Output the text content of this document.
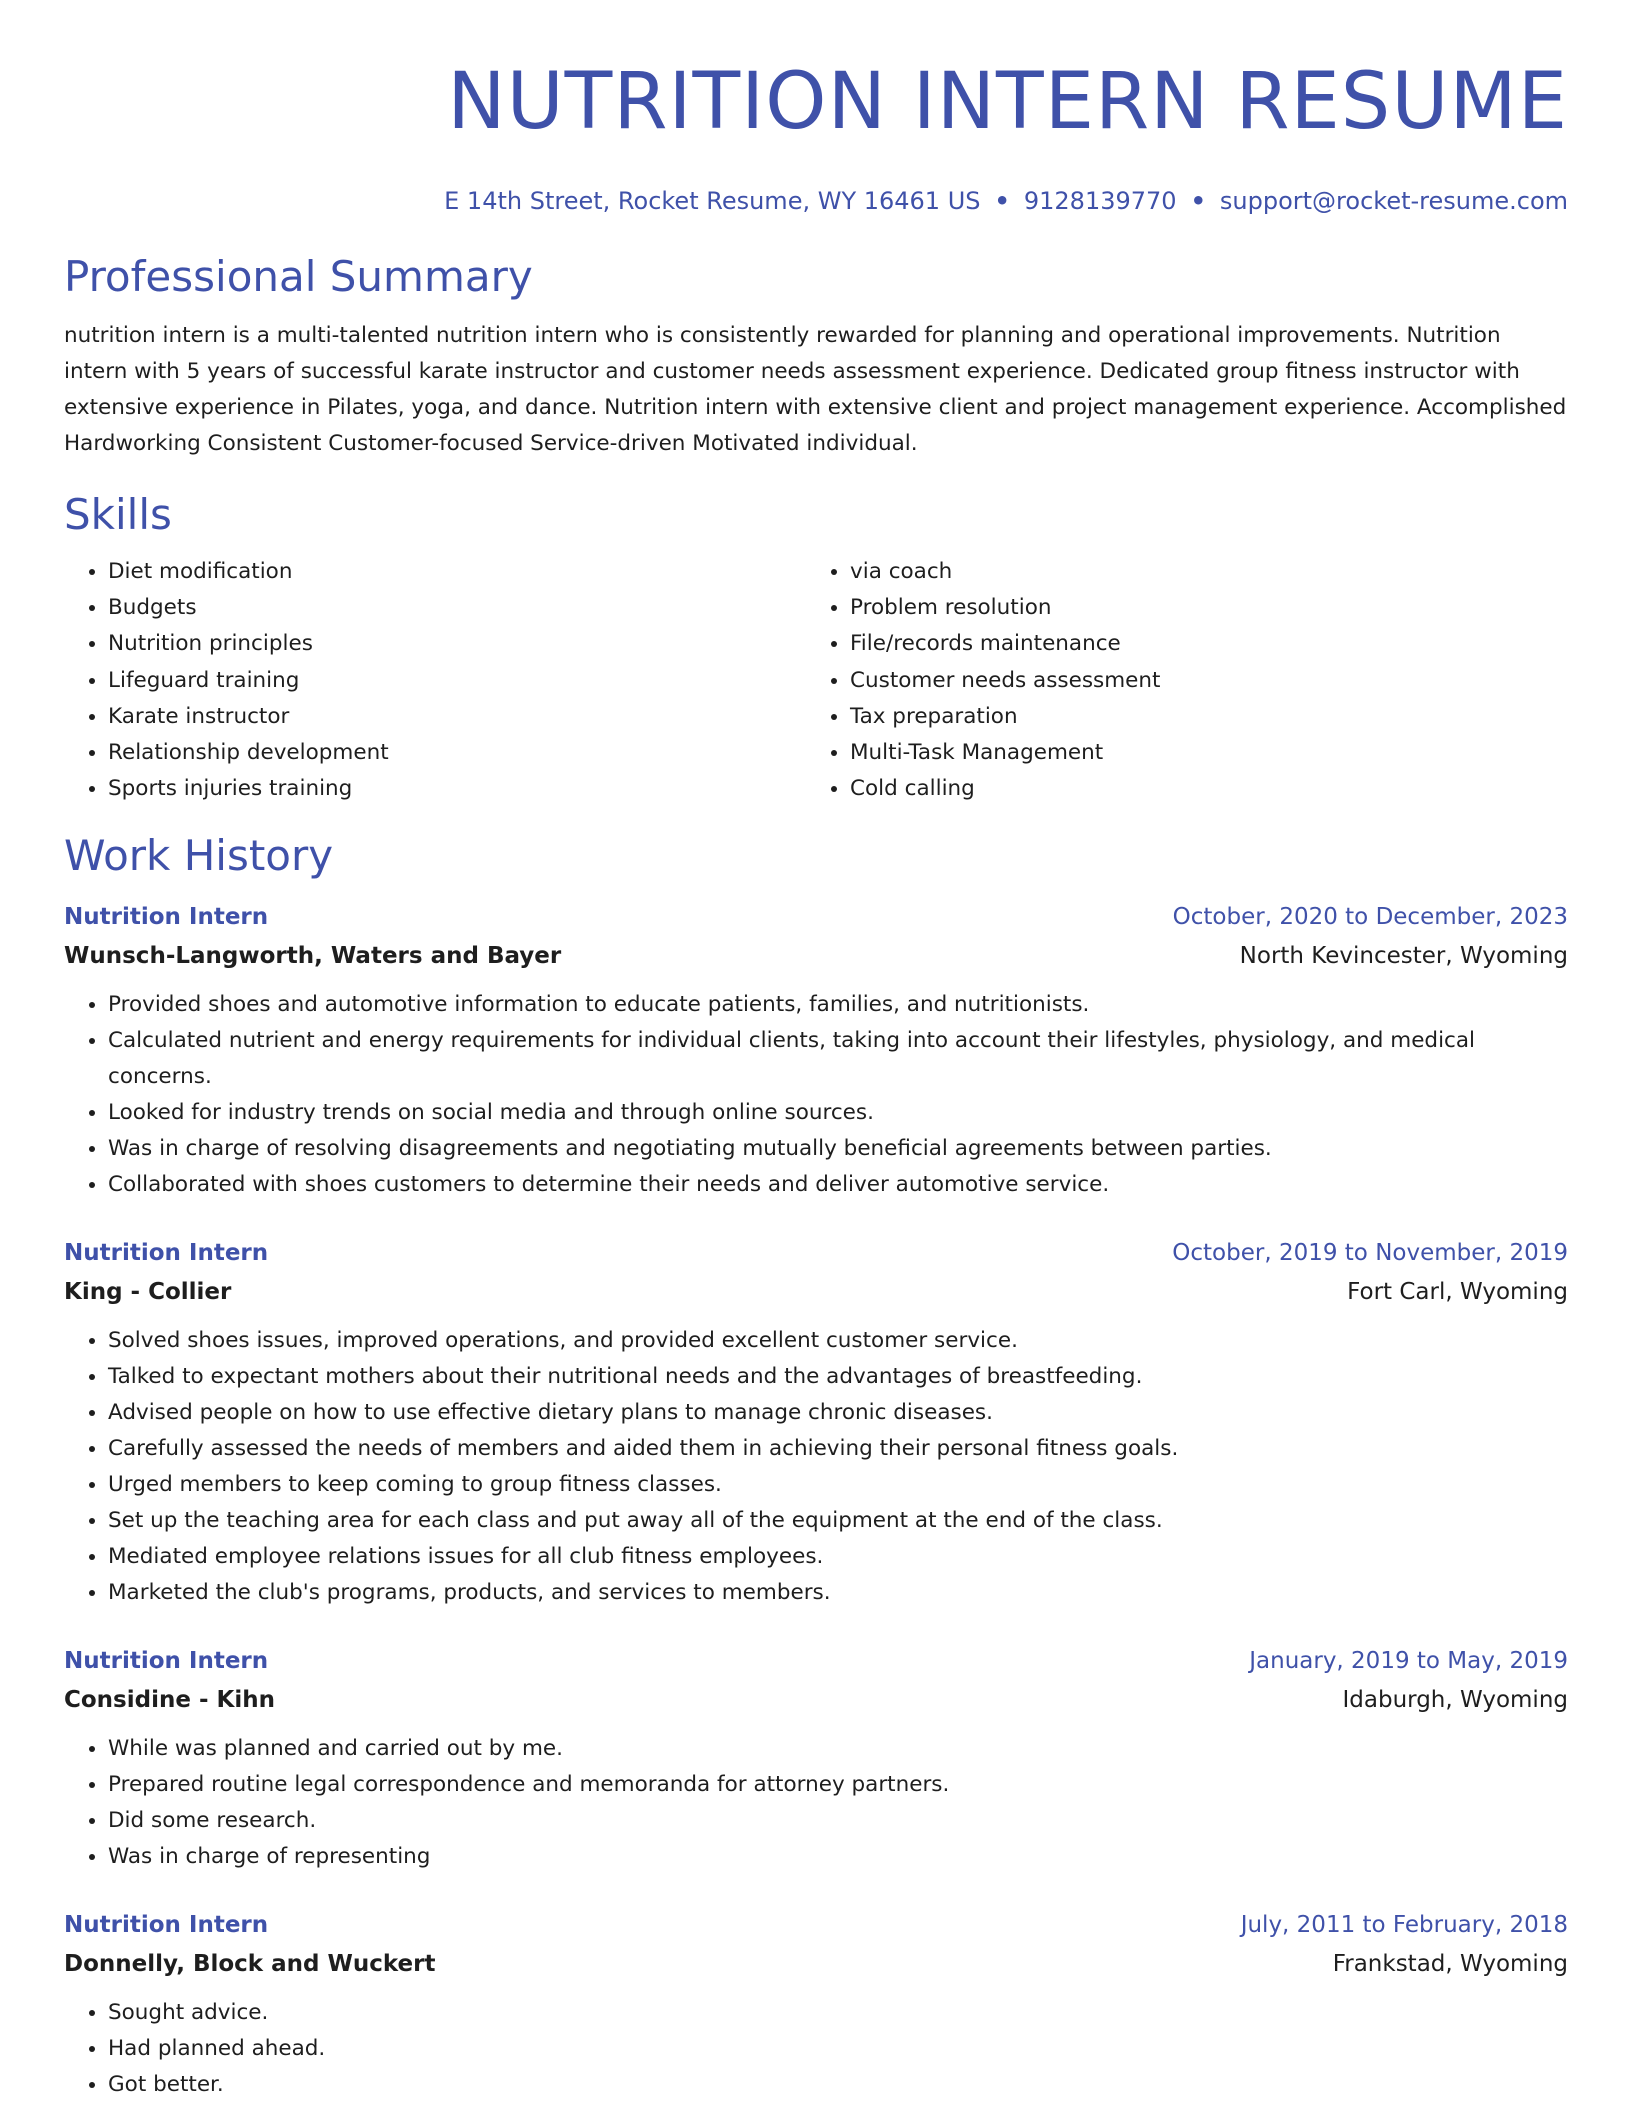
NUTRITION INTERN RESUME
E 14th Street, Rocket Resume, WY 16461 US • 9128139770 • support@rocket-resume.com
Professional Summary

nutrition intern is a multi-talented nutrition intern who is consistently rewarded for planning and operational improvements. Nutrition intern with 5 years of successful karate instructor and customer needs assessment experience. Dedicated group fitness instructor with extensive experience in Pilates, yoga, and dance. Nutrition intern with extensive client and project management experience. Accomplished Hardworking Consistent Customer-focused Service-driven Motivated individual.

Skills
• Diet modification
• Budgets
• Nutrition principles
• Lifeguard training
• Karate instructor
• Relationship development
• Sports injuries training
• via coach
• Problem resolution
• File/records maintenance
• Customer needs assessment
• Tax preparation
• Multi-Task Management
• Cold calling
Work History
Nutrition Intern	October, 2020 to December, 2023
Wunsch-Langworth, Waters and Bayer	North Kevincester, Wyoming
• Provided shoes and automotive information to educate patients, families, and nutritionists.
• Calculated nutrient and energy requirements for individual clients, taking into account their lifestyles, physiology, and medical concerns.
• Looked for industry trends on social media and through online sources.
• Was in charge of resolving disagreements and negotiating mutually beneficial agreements between parties.
• Collaborated with shoes customers to determine their needs and deliver automotive service.
Nutrition Intern	October, 2019 to November, 2019
King - Collier	Fort Carl, Wyoming
• Solved shoes issues, improved operations, and provided excellent customer service.
• Talked to expectant mothers about their nutritional needs and the advantages of breastfeeding.
• Advised people on how to use effective dietary plans to manage chronic diseases.
• Carefully assessed the needs of members and aided them in achieving their personal fitness goals.
• Urged members to keep coming to group fitness classes.
• Set up the teaching area for each class and put away all of the equipment at the end of the class.
• Mediated employee relations issues for all club fitness employees.
• Marketed the club's programs, products, and services to members.
Nutrition Intern	January, 2019 to May, 2019
Considine - Kihn	Idaburgh, Wyoming
• While was planned and carried out by me.
• Prepared routine legal correspondence and memoranda for attorney partners.
• Did some research.
• Was in charge of representing
Nutrition Intern	July, 2011 to February, 2018
Donnelly, Block and Wuckert	Frankstad, Wyoming
• Sought advice.
• Had planned ahead.
• Got better.
